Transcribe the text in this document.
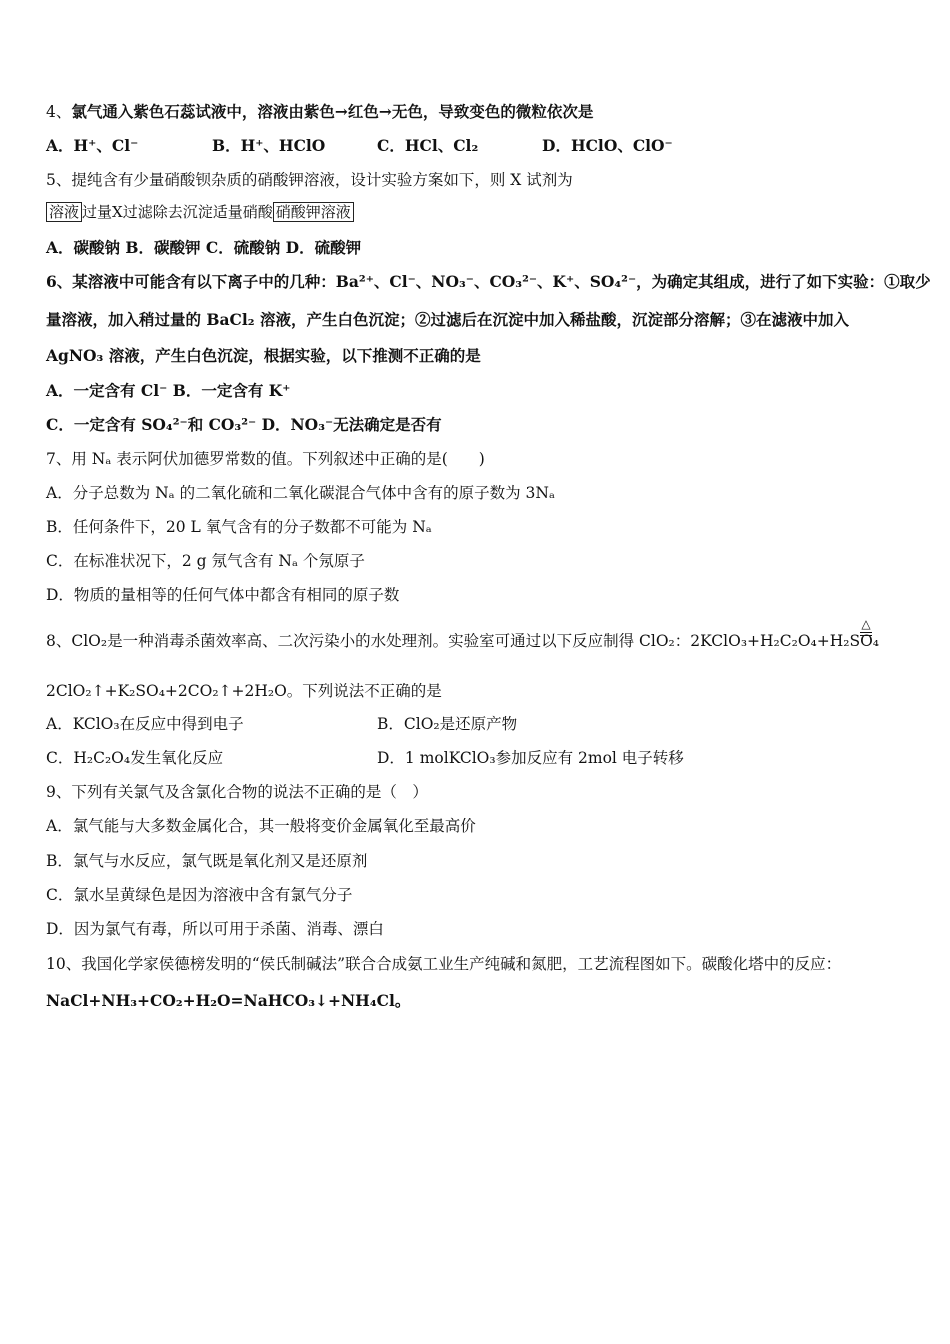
4、氯气通入紫色石蕊试液中，溶液由紫色→红色→无色，导致变色的微粒依次是
A．H⁺、Cl⁻	B．H⁺、HClO	C．HCl、Cl₂	D．HClO、ClO⁻
5、提纯含有少量硝酸钡杂质的硝酸钾溶液，设计实验方案如下，则 X 试剂为
溶液 过量X过滤除去沉淀适量硝酸 硝酸钾溶液
A．碳酸钠 B．碳酸钾 C．硫酸钠 D．硫酸钾
6、某溶液中可能含有以下离子中的几种：Ba²⁺、Cl⁻、NO₃⁻、CO₃²⁻、K⁺、SO₄²⁻，为确定其组成，进行了如下实验：①取少
量溶液，加入稍过量的 BaCl₂ 溶液，产生白色沉淀；②过滤后在沉淀中加入稀盐酸，沉淀部分溶解；③在滤液中加入
AgNO₃ 溶液，产生白色沉淀，根据实验，以下推测不正确的是
A．一定含有 Cl⁻ B．一定含有 K⁺
C．一定含有 SO₄²⁻和 CO₃²⁻ D．NO₃⁻无法确定是否有
7、用 Nₐ 表示阿伏加德罗常数的值。下列叙述中正确的是(　　)
A．分子总数为 Nₐ 的二氧化硫和二氧化碳混合气体中含有的原子数为 3Nₐ
B．任何条件下，20 L 氧气含有的分子数都不可能为 Nₐ
C．在标准状况下，2 g 氖气含有 Nₐ 个氖原子
D．物质的量相等的任何气体中都含有相同的原子数
8、ClO₂是一种消毒杀菌效率高、二次污染小的水处理剂。实验室可通过以下反应制得 ClO₂：2KClO₃+H₂C₂O₄+H₂SO₄
△
2ClO₂↑+K₂SO₄+2CO₂↑+2H₂O。下列说法不正确的是
A．KClO₃在反应中得到电子	B．ClO₂是还原产物
C．H₂C₂O₄发生氧化反应	D．1 molKClO₃参加反应有 2mol 电子转移
9、下列有关氯气及含氯化合物的说法不正确的是（　）
A．氯气能与大多数金属化合，其一般将变价金属氧化至最高价
B．氯气与水反应，氯气既是氧化剂又是还原剂
C．氯水呈黄绿色是因为溶液中含有氯气分子
D．因为氯气有毒，所以可用于杀菌、消毒、漂白
10、我国化学家侯德榜发明的“侯氏制碱法”联合合成氨工业生产纯碱和氮肥，工艺流程图如下。碳酸化塔中的反应：
NaCl+NH₃+CO₂+H₂O=NaHCO₃↓+NH₄Cl。
